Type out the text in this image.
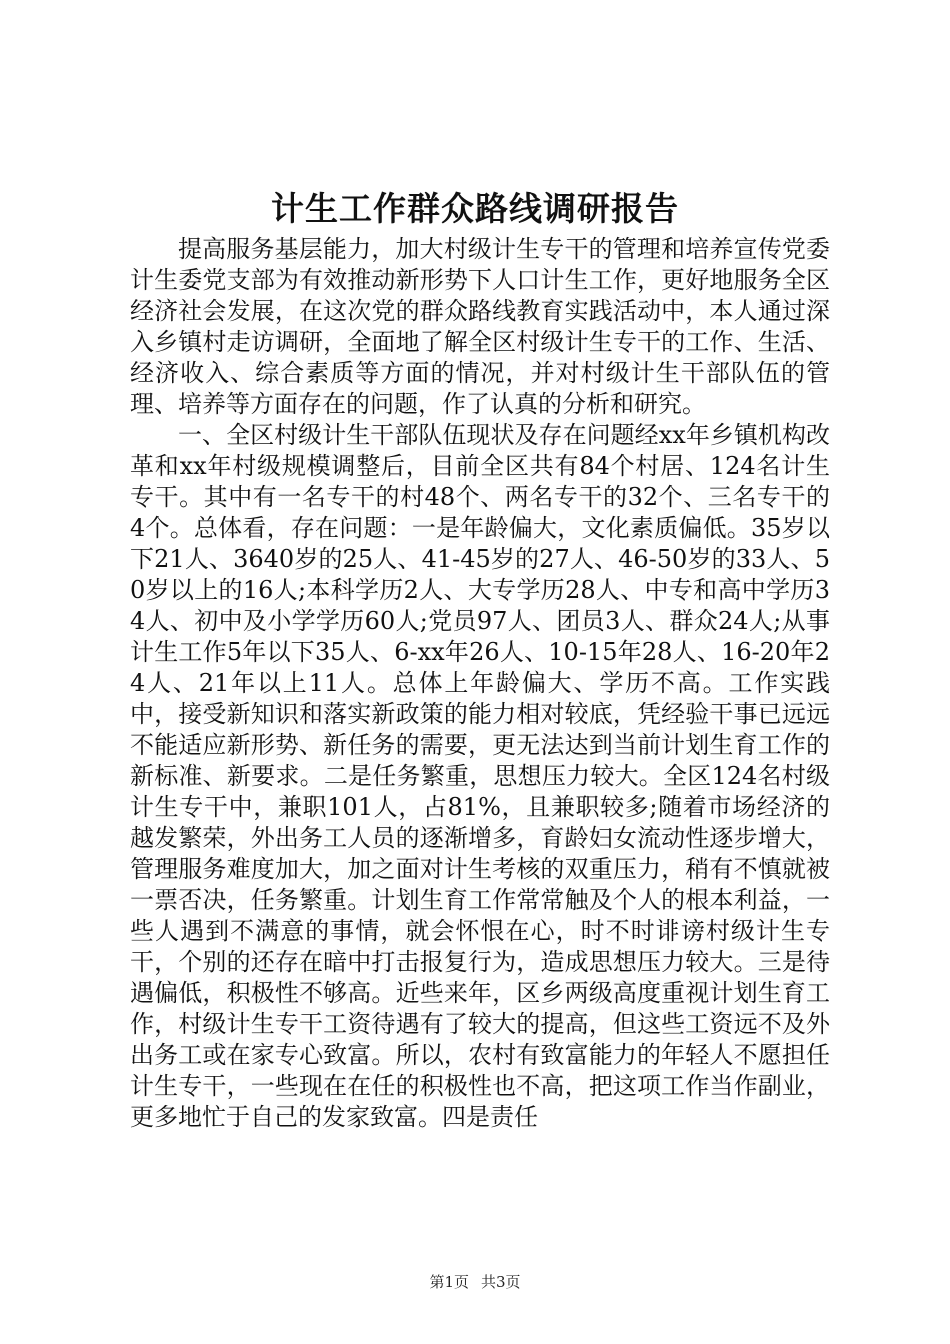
计生工作群众路线调研报告

提高服务基层能力，加大村级计生专干的管理和培养宣传党委计生委党支部为有效推动新形势下人口计生工作，更好地服务全区经济社会发展，在这次党的群众路线教育实践活动中，本人通过深入乡镇村走访调研，全面地了解全区村级计生专干的工作、生活、经济收入、综合素质等方面的情况，并对村级计生干部队伍的管理、培养等方面存在的问题，作了认真的分析和研究。

一、全区村级计生干部队伍现状及存在问题经xx年乡镇机构改革和xx年村级规模调整后，目前全区共有84个村居、124名计生专干。其中有一名专干的村48个、两名专干的32个、三名专干的4个。总体看，存在问题：一是年龄偏大，文化素质偏低。35岁以下21人、3640岁的25人、41-45岁的27人、46-50岁的33人、50岁以上的16人;本科学历2人、大专学历28人、中专和高中学历34人、初中及小学学历60人;党员97人、团员3人、群众24人;从事计生工作5年以下35人、6-xx年26人、10-15年28人、16-20年24人、21年以上11人。总体上年龄偏大、学历不高。工作实践中，接受新知识和落实新政策的能力相对较底，凭经验干事已远远不能适应新形势、新任务的需要，更无法达到当前计划生育工作的新标准、新要求。二是任务繁重，思想压力较大。全区124名村级计生专干中，兼职101人，占81%，且兼职较多;随着市场经济的越发繁荣，外出务工人员的逐渐增多，育龄妇女流动性逐步增大，管理服务难度加大，加之面对计生考核的双重压力，稍有不慎就被一票否决，任务繁重。计划生育工作常常触及个人的根本利益，一些人遇到不满意的事情，就会怀恨在心，时不时诽谤村级计生专干，个别的还存在暗中打击报复行为，造成思想压力较大。三是待遇偏低，积极性不够高。近些来年，区乡两级高度重视计划生育工作，村级计生专干工资待遇有了较大的提高，但这些工资远不及外出务工或在家专心致富。所以，农村有致富能力的年轻人不愿担任计生专干，一些现在在任的积极性也不高，把这项工作当作副业，更多地忙于自己的发家致富。四是责任

第1页 共3页
